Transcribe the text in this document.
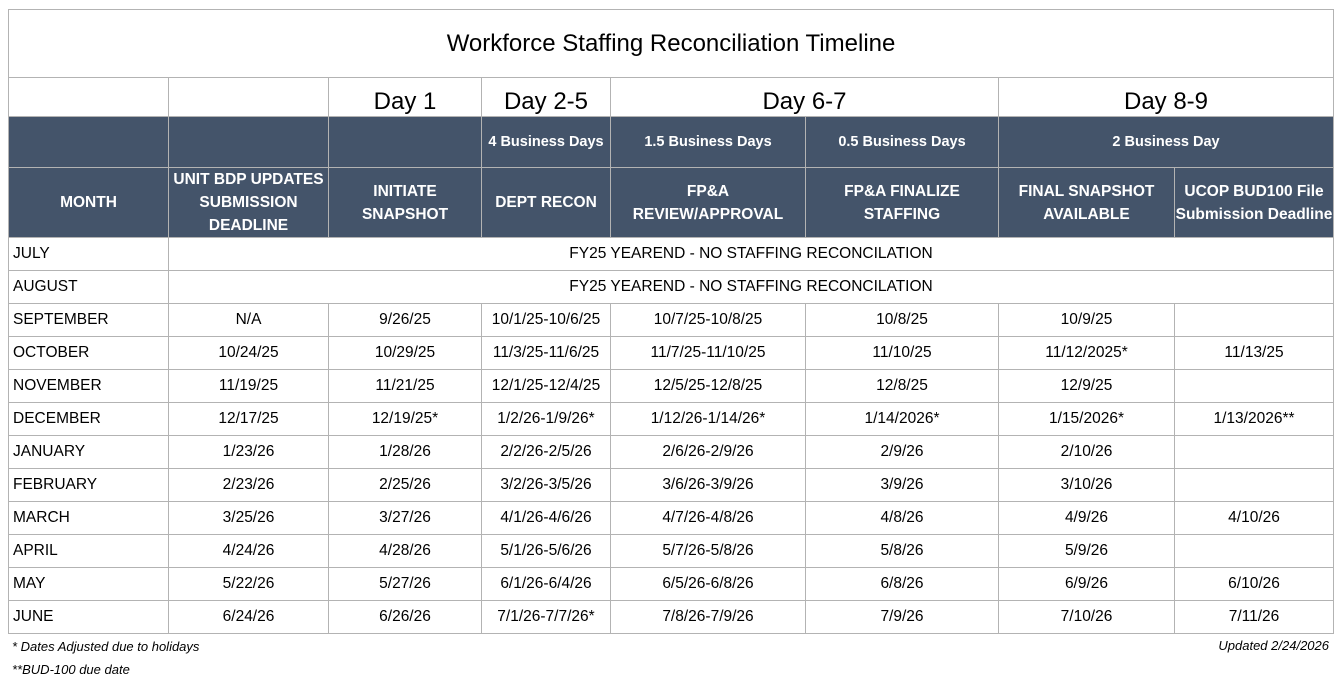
Workforce Staffing Reconciliation Timeline							
		Day 1	Day 2-5	Day 6-7		Day 8-9	
			4 Business Days	1.5 Business Days	0.5 Business Days	2 Business Day	
MONTH	UNIT BDP UPDATES SUBMISSION DEADLINE	INITIATE SNAPSHOT	DEPT RECON	FP&A REVIEW/APPROVAL	FP&A FINALIZE STAFFING	FINAL SNAPSHOT AVAILABLE	UCOP BUD100 File Submission Deadline
JULY	FY25 YEAREND - NO STAFFING RECONCILATION						
AUGUST	FY25 YEAREND - NO STAFFING RECONCILATION						
SEPTEMBER	N/A	9/26/25	10/1/25-10/6/25	10/7/25-10/8/25	10/8/25	10/9/25	
OCTOBER	10/24/25	10/29/25	11/3/25-11/6/25	11/7/25-11/10/25	11/10/25	11/12/2025*	11/13/25
NOVEMBER	11/19/25	11/21/25	12/1/25-12/4/25	12/5/25-12/8/25	12/8/25	12/9/25	
DECEMBER	12/17/25	12/19/25*	1/2/26-1/9/26*	1/12/26-1/14/26*	1/14/2026*	1/15/2026*	1/13/2026**
JANUARY	1/23/26	1/28/26	2/2/26-2/5/26	2/6/26-2/9/26	2/9/26	2/10/26	
FEBRUARY	2/23/26	2/25/26	3/2/26-3/5/26	3/6/26-3/9/26	3/9/26	3/10/26	
MARCH	3/25/26	3/27/26	4/1/26-4/6/26	4/7/26-4/8/26	4/8/26	4/9/26	4/10/26
APRIL	4/24/26	4/28/26	5/1/26-5/6/26	5/7/26-5/8/26	5/8/26	5/9/26	
MAY	5/22/26	5/27/26	6/1/26-6/4/26	6/5/26-6/8/26	6/8/26	6/9/26	6/10/26
JUNE	6/24/26	6/26/26	7/1/26-7/7/26*	7/8/26-7/9/26	7/9/26	7/10/26	7/11/26
* Dates Adjusted due to holidays
**BUD-100 due date
Updated 2/24/2026
